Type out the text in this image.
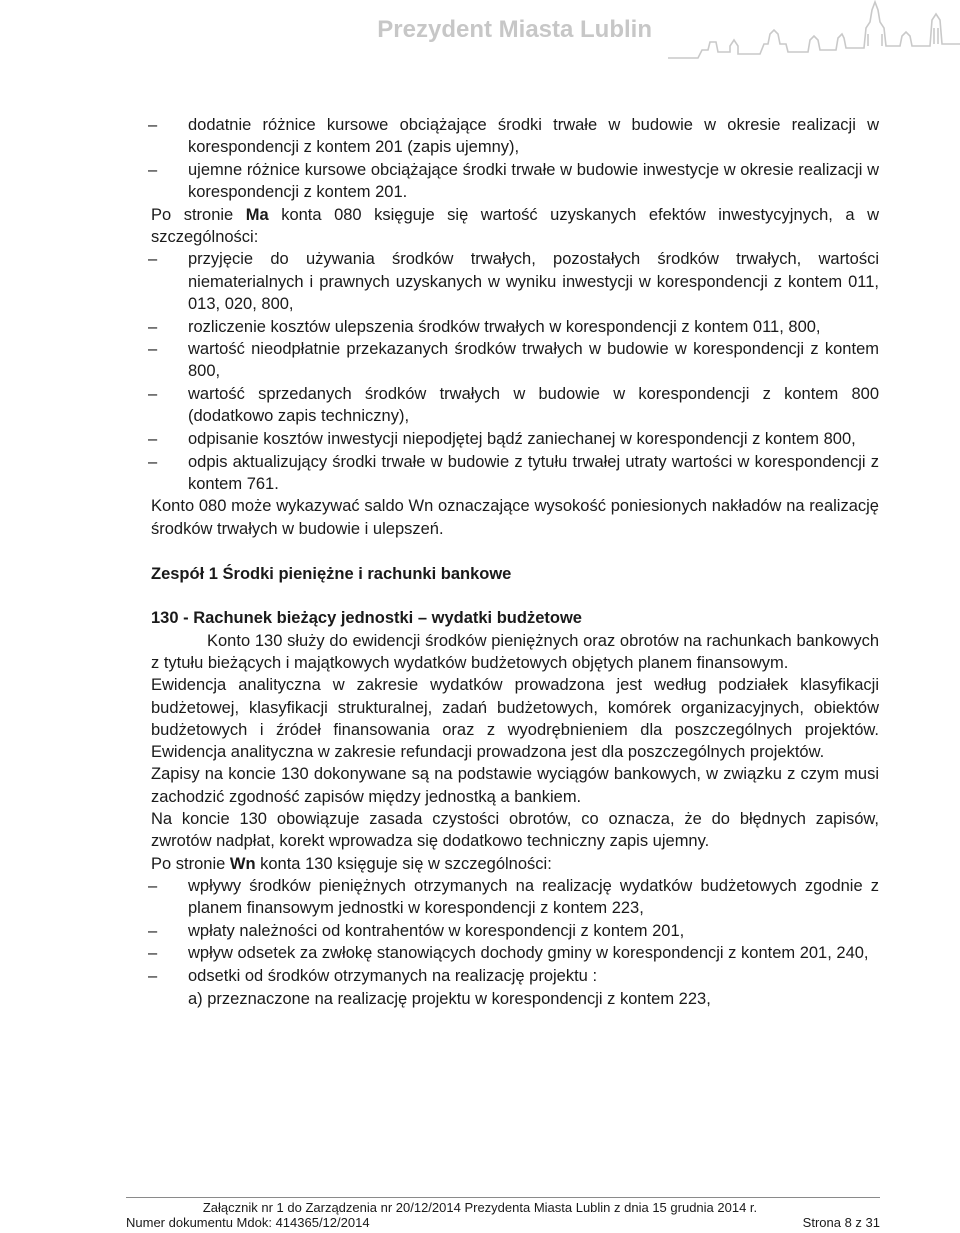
Prezydent Miasta Lublin
– dodatnie różnice kursowe obciążające środki trwałe w budowie w okresie realizacji w korespondencji z kontem 201 (zapis ujemny),
– ujemne różnice kursowe obciążające środki trwałe w budowie inwestycje w okresie realizacji w korespondencji z kontem 201.
Po stronie Ma konta 080 księguje się wartość uzyskanych efektów inwestycyjnych, a w szczególności:
– przyjęcie do używania środków trwałych, pozostałych środków trwałych, wartości niematerialnych i prawnych uzyskanych w wyniku inwestycji w korespondencji z kontem 011, 013, 020, 800,
– rozliczenie kosztów ulepszenia środków trwałych w korespondencji z kontem 011, 800,
– wartość nieodpłatnie przekazanych środków trwałych w budowie w korespondencji z kontem 800,
– wartość sprzedanych środków trwałych w budowie w korespondencji z kontem 800 (dodatkowo zapis techniczny),
– odpisanie kosztów inwestycji niepodjętej bądź zaniechanej w korespondencji z kontem 800,
– odpis aktualizujący środki trwałe w budowie z tytułu trwałej utraty wartości w korespondencji z kontem 761.
Konto 080 może wykazywać saldo Wn oznaczające wysokość poniesionych nakładów na realizację środków trwałych w budowie i ulepszeń.
Zespół 1 Środki pieniężne i rachunki bankowe
130 - Rachunek bieżący jednostki – wydatki budżetowe
Konto 130 służy do ewidencji środków pieniężnych oraz obrotów na rachunkach bankowych z tytułu bieżących i majątkowych wydatków budżetowych objętych planem finansowym.
Ewidencja analityczna w zakresie wydatków prowadzona jest według podziałek klasyfikacji budżetowej, klasyfikacji strukturalnej, zadań budżetowych, komórek organizacyjnych, obiektów budżetowych i źródeł finansowania oraz z wyodrębnieniem dla poszczególnych projektów. Ewidencja analityczna w zakresie refundacji prowadzona jest dla poszczególnych projektów.
Zapisy na koncie 130 dokonywane są na podstawie wyciągów bankowych, w związku z czym musi zachodzić zgodność zapisów między jednostką a bankiem.
Na koncie 130 obowiązuje zasada czystości obrotów, co oznacza, że do błędnych zapisów, zwrotów nadpłat, korekt wprowadza się dodatkowo techniczny zapis ujemny.
Po stronie Wn konta 130 księguje się w szczególności:
– wpływy środków pieniężnych otrzymanych na realizację wydatków budżetowych zgodnie z planem finansowym jednostki w korespondencji z kontem 223,
– wpłaty należności od kontrahentów w korespondencji z kontem 201,
– wpływ odsetek za zwłokę stanowiących dochody gminy w korespondencji z kontem 201, 240,
– odsetki od środków otrzymanych na realizację projektu :
a) przeznaczone na realizację projektu w korespondencji z kontem 223,
Załącznik nr 1 do Zarządzenia nr 20/12/2014 Prezydenta Miasta Lublin z dnia 15 grudnia 2014 r.
Numer dokumentu Mdok: 414365/12/2014	Strona 8 z 31
